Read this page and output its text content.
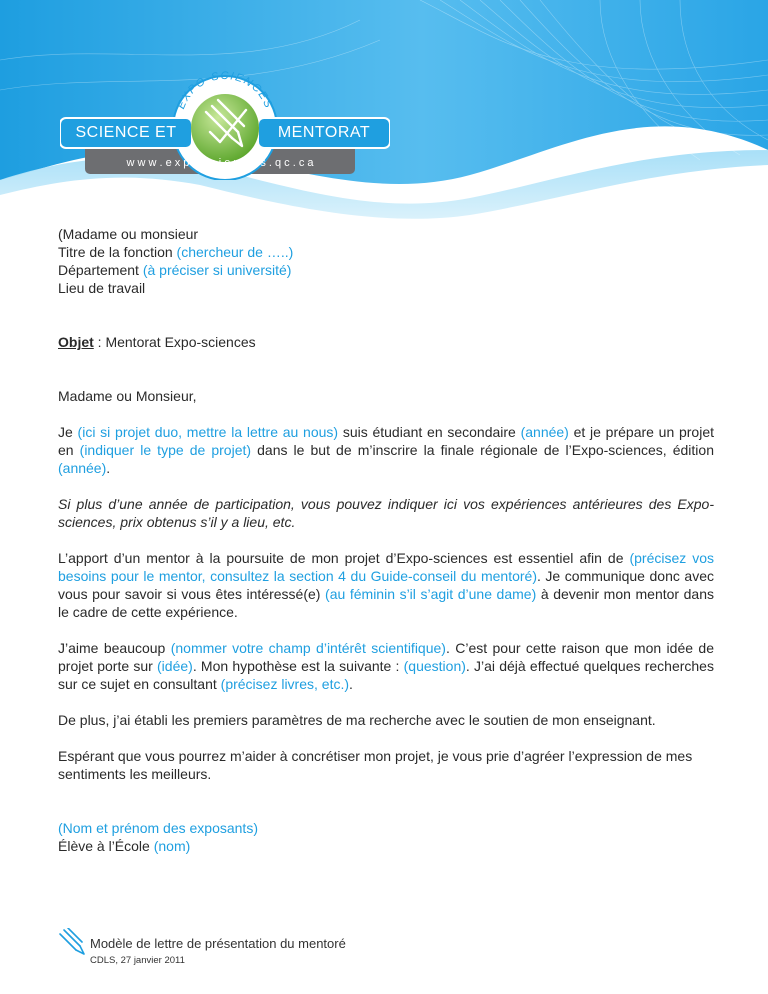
EXPO-SCIENCES
SCIENCE ET	MENTORAT
w w w . e x p o s c i e n c e s . q c . c a

(Madame ou monsieur

Titre de la fonction (chercheur de …..)

Département (à préciser si université)

Lieu de travail

Objet : Mentorat Expo-sciences

Madame ou Monsieur,

Je (ici si projet duo, mettre la lettre au nous) suis étudiant en secondaire (année) et je prépare un projet en (indiquer le type de projet) dans le but de m’inscrire la finale régionale de l’Expo-sciences, édition (année).

Si plus d’une année de participation, vous pouvez indiquer ici vos expériences antérieures des Expo-sciences, prix obtenus s’il y a lieu, etc.

L’apport d’un mentor à la poursuite de mon projet d’Expo-sciences est essentiel afin de (précisez vos besoins pour le mentor, consultez la section 4 du Guide-conseil du mentoré). Je communique donc avec vous pour savoir si vous êtes intéressé(e) (au féminin s’il s’agit d’une dame) à devenir mon mentor dans le cadre de cette expérience.

J’aime beaucoup (nommer votre champ d’intérêt scientifique). C’est pour cette raison que mon idée de projet porte sur (idée). Mon hypothèse est la suivante : (question). J’ai déjà effectué quelques recherches sur ce sujet en consultant (précisez livres, etc.).

De plus, j’ai établi les premiers paramètres de ma recherche avec le soutien de mon enseignant.

Espérant que vous pourrez m’aider à concrétiser mon projet, je vous prie d’agréer l’expression de mes sentiments les meilleurs.

(Nom et prénom des exposants)

Élève à l’École (nom)

Modèle de lettre de présentation du mentoré
CDLS, 27 janvier 2011
